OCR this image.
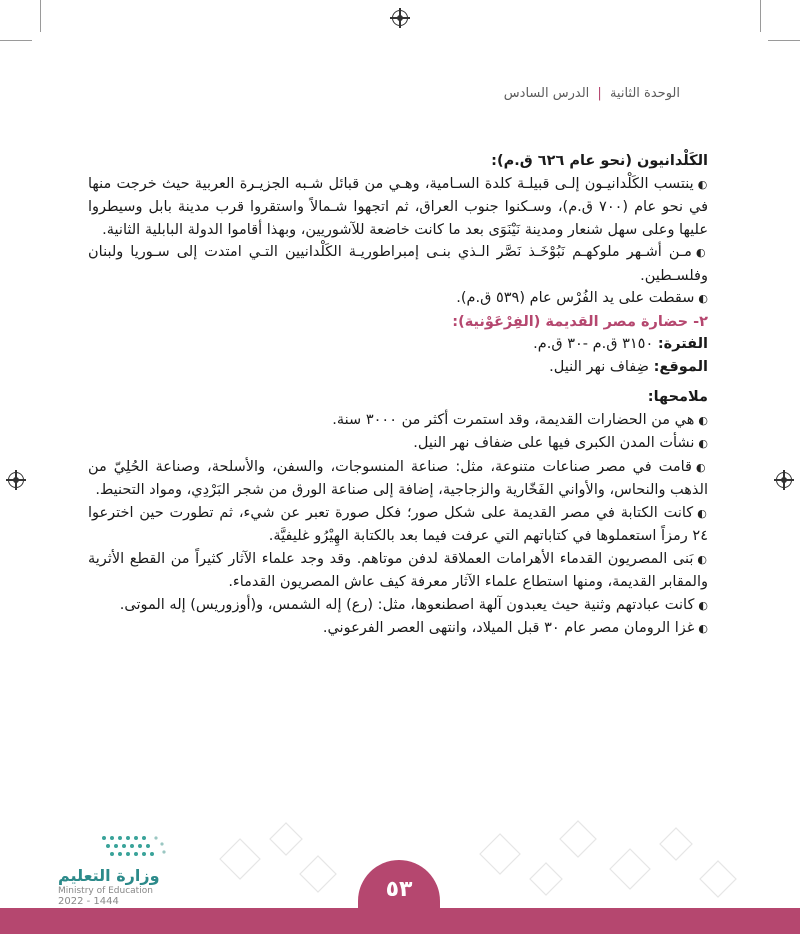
الوحدة الثانية | الدرس السادس

الكَلْدانيون (نحو عام ٦٢٦ ق.م):

◐ ينتسب الكَلْدانيـون إلـى قبيلـة كلدة السـامية، وهـي من قبائل شـبه الجزيـرة العربية حيث خرجت منها في نحو عام (٧٠٠ ق.م)، وسـكنوا جنوب العراق، ثم اتجهوا شـمالاً واستقروا قرب مدينة بابل وسيطروا عليها وعلى سهل شنعار ومدينة نَيْنَوَى بعد ما كانت خاضعة للآشوريين، وبهذا أقاموا الدولة البابلية الثانية.

◐ مـن أشـهر ملوكهـم نَبُوْخَـذ نَصَّر الـذي بنـى إمبراطوريـة الكَلْدانيين التـي امتدت إلى سـوريا ولبنان وفلسـطين.

◐ سقطت على يد الفُرْس عام (٥٣٩ ق.م).

٢- حضارة مصر القديمة (الفِرْعَوْنية):

الفترة: ٣١٥٠ ق.م -٣٠ ق.م.

الموقع: ضِفاف نهر النيل.

ملامحها:

◐ هي من الحضارات القديمة، وقد استمرت أكثر من ٣٠٠٠ سنة.

◐ نشأت المدن الكبرى فيها على ضفاف نهر النيل.

◐ قامت في مصر صناعات متنوعة، مثل: صناعة المنسوجات، والسفن، والأسلحة، وصناعة الحُلِيّ من الذهب والنحاس، والأواني الفَخّارية والزجاجية، إضافة إلى صناعة الورق من شجر البَرْدِي، ومواد التحنيط.

◐ كانت الكتابة في مصر القديمة على شكل صور؛ فكل صورة تعبر عن شيء، ثم تطورت حين اخترعوا ٢٤ رمزاً استعملوها في كتاباتهم التي عرفت فيما بعد بالكتابة الهِيْرُو غليفيَّة.

◐ بَنى المصريون القدماء الأهرامات العملاقة لدفن موتاهم. وقد وجد علماء الآثار كثيراً من القطع الأثرية والمقابر القديمة، ومنها استطاع علماء الآثار معرفة كيف عاش المصريون القدماء.

◐ كانت عبادتهم وثنية حيث يعبدون آلهة اصطنعوها، مثل: (رع) إله الشمس، و(أوزوريس) إله الموتى.

◐ غزا الرومان مصر عام ٣٠ قبل الميلاد، وانتهى العصر الفرعوني.

وزارة التعليم
Ministry of Education
2022 - 1444	٥٣
